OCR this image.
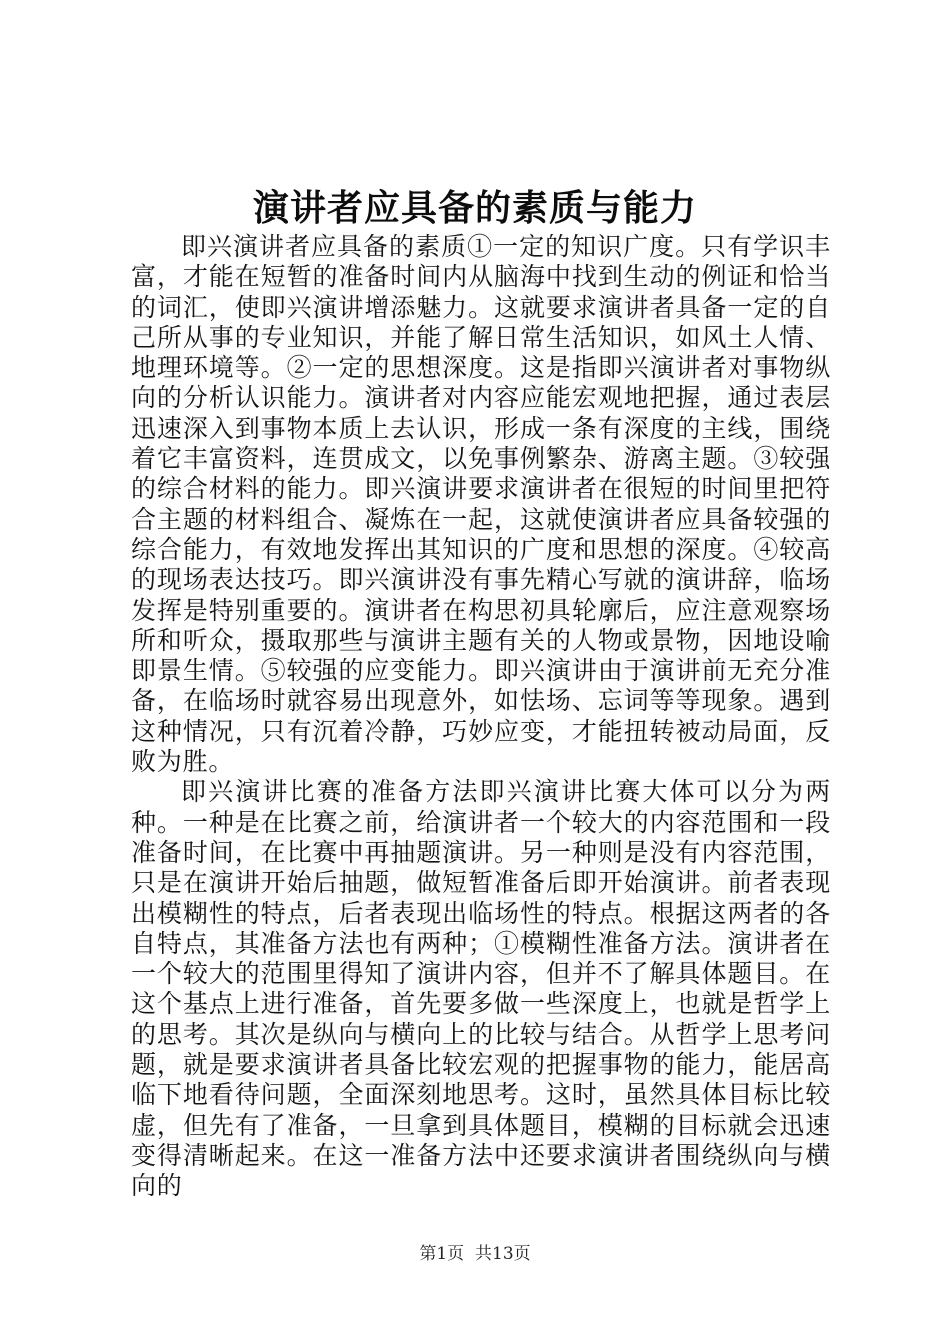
演讲者应具备的素质与能力

即兴演讲者应具备的素质①一定的知识广度。只有学识丰富，才能在短暂的准备时间内从脑海中找到生动的例证和恰当的词汇，使即兴演讲增添魅力。这就要求演讲者具备一定的自己所从事的专业知识，并能了解日常生活知识，如风土人情、地理环境等。②一定的思想深度。这是指即兴演讲者对事物纵向的分析认识能力。演讲者对内容应能宏观地把握，通过表层迅速深入到事物本质上去认识，形成一条有深度的主线，围绕着它丰富资料，连贯成文，以免事例繁杂、游离主题。③较强的综合材料的能力。即兴演讲要求演讲者在很短的时间里把符合主题的材料组合、凝炼在一起，这就使演讲者应具备较强的综合能力，有效地发挥出其知识的广度和思想的深度。④较高的现场表达技巧。即兴演讲没有事先精心写就的演讲辞，临场发挥是特别重要的。演讲者在构思初具轮廓后，应注意观察场所和听众，摄取那些与演讲主题有关的人物或景物，因地设喻即景生情。⑤较强的应变能力。即兴演讲由于演讲前无充分准备，在临场时就容易出现意外，如怯场、忘词等等现象。遇到这种情况，只有沉着冷静，巧妙应变，才能扭转被动局面，反败为胜。

即兴演讲比赛的准备方法即兴演讲比赛大体可以分为两种。一种是在比赛之前，给演讲者一个较大的内容范围和一段准备时间，在比赛中再抽题演讲。另一种则是没有内容范围，只是在演讲开始后抽题，做短暂准备后即开始演讲。前者表现出模糊性的特点，后者表现出临场性的特点。根据这两者的各自特点，其准备方法也有两种；①模糊性准备方法。演讲者在一个较大的范围里得知了演讲内容，但并不了解具体题目。在这个基点上进行准备，首先要多做一些深度上，也就是哲学上的思考。其次是纵向与横向上的比较与结合。从哲学上思考问题，就是要求演讲者具备比较宏观的把握事物的能力，能居高临下地看待问题，全面深刻地思考。这时，虽然具体目标比较虚，但先有了准备，一旦拿到具体题目，模糊的目标就会迅速变得清晰起来。在这一准备方法中还要求演讲者围绕纵向与横向的

第1页 共13页
